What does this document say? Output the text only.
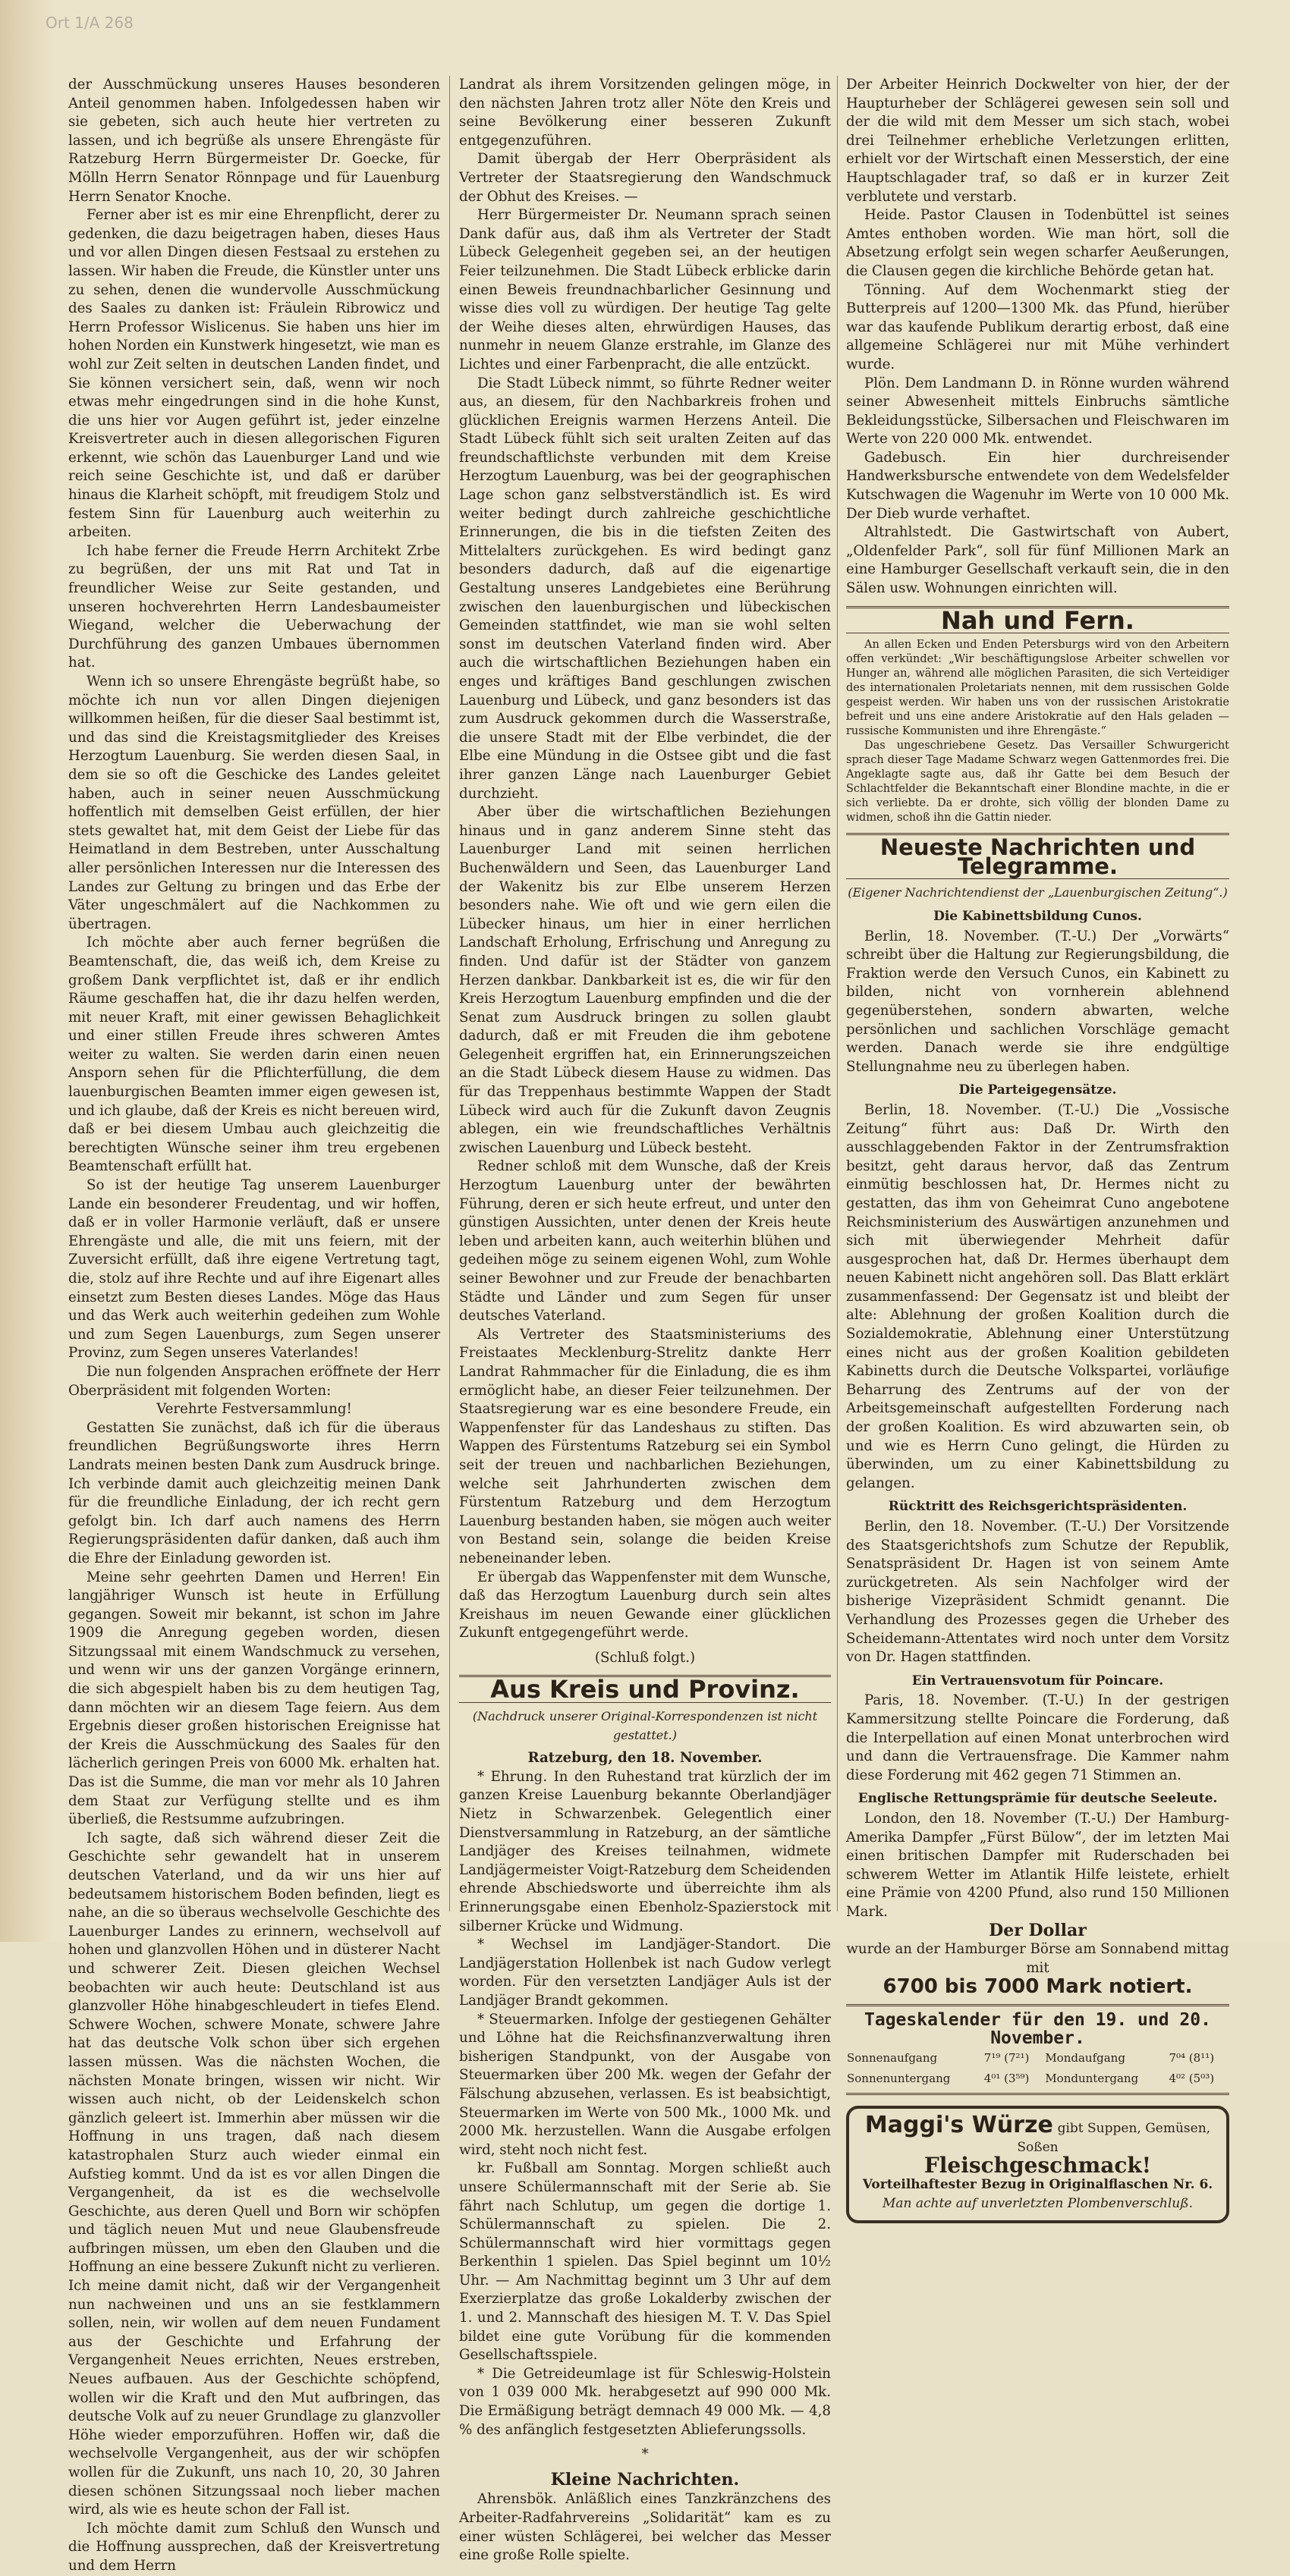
Ort 1/A 268

der Ausschmückung unseres Hauses besonderen Anteil genommen haben. Infolgedessen haben wir sie gebeten, sich auch heute hier vertreten zu lassen, und ich begrüße als unsere Ehrengäste für Ratzeburg Herrn Bürgermeister Dr. Goecke, für Mölln Herrn Senator Rönnpage und für Lauenburg Herrn Senator Knoche.

Ferner aber ist es mir eine Ehrenpflicht, derer zu gedenken, die dazu beigetragen haben, dieses Haus und vor allen Dingen diesen Festsaal zu erstehen zu lassen. Wir haben die Freude, die Künstler unter uns zu sehen, denen die wundervolle Ausschmückung des Saales zu danken ist: Fräulein Ribrowicz und Herrn Professor Wislicenus. Sie haben uns hier im hohen Norden ein Kunstwerk hingesetzt, wie man es wohl zur Zeit selten in deutschen Landen findet, und Sie können versichert sein, daß, wenn wir noch etwas mehr eingedrungen sind in die hohe Kunst, die uns hier vor Augen geführt ist, jeder einzelne Kreisvertreter auch in diesen allegorischen Figuren erkennt, wie schön das Lauenburger Land und wie reich seine Geschichte ist, und daß er darüber hinaus die Klarheit schöpft, mit freudigem Stolz und festem Sinn für Lauenburg auch weiterhin zu arbeiten.

Ich habe ferner die Freude Herrn Architekt Zrbe zu begrüßen, der uns mit Rat und Tat in freundlicher Weise zur Seite gestanden, und unseren hochverehrten Herrn Landesbaumeister Wiegand, welcher die Ueberwachung der Durchführung des ganzen Umbaues übernommen hat.

Wenn ich so unsere Ehrengäste begrüßt habe, so möchte ich nun vor allen Dingen diejenigen willkommen heißen, für die dieser Saal bestimmt ist, und das sind die Kreistagsmitglieder des Kreises Herzogtum Lauenburg. Sie werden diesen Saal, in dem sie so oft die Geschicke des Landes geleitet haben, auch in seiner neuen Ausschmückung hoffentlich mit demselben Geist erfüllen, der hier stets gewaltet hat, mit dem Geist der Liebe für das Heimatland in dem Bestreben, unter Ausschaltung aller persönlichen Interessen nur die Interessen des Landes zur Geltung zu bringen und das Erbe der Väter ungeschmälert auf die Nachkommen zu übertragen.

Ich möchte aber auch ferner begrüßen die Beamtenschaft, die, das weiß ich, dem Kreise zu großem Dank verpflichtet ist, daß er ihr endlich Räume geschaffen hat, die ihr dazu helfen werden, mit neuer Kraft, mit einer gewissen Behaglichkeit und einer stillen Freude ihres schweren Amtes weiter zu walten. Sie werden darin einen neuen Ansporn sehen für die Pflichterfüllung, die dem lauenburgischen Beamten immer eigen gewesen ist, und ich glaube, daß der Kreis es nicht bereuen wird, daß er bei diesem Umbau auch gleichzeitig die berechtigten Wünsche seiner ihm treu ergebenen Beamtenschaft erfüllt hat.

So ist der heutige Tag unserem Lauenburger Lande ein besonderer Freudentag, und wir hoffen, daß er in voller Harmonie verläuft, daß er unsere Ehrengäste und alle, die mit uns feiern, mit der Zuversicht erfüllt, daß ihre eigene Vertretung tagt, die, stolz auf ihre Rechte und auf ihre Eigenart alles einsetzt zum Besten dieses Landes. Möge das Haus und das Werk auch weiterhin gedeihen zum Wohle und zum Segen Lauenburgs, zum Segen unserer Provinz, zum Segen unseres Vaterlandes!

Die nun folgenden Ansprachen eröffnete der Herr Oberpräsident mit folgenden Worten:

Verehrte Festversammlung!

Gestatten Sie zunächst, daß ich für die überaus freundlichen Begrüßungsworte ihres Herrn Landrats meinen besten Dank zum Ausdruck bringe. Ich verbinde damit auch gleichzeitig meinen Dank für die freundliche Einladung, der ich recht gern gefolgt bin. Ich darf auch namens des Herrn Regierungspräsidenten dafür danken, daß auch ihm die Ehre der Einladung geworden ist.

Meine sehr geehrten Damen und Herren! Ein langjähriger Wunsch ist heute in Erfüllung gegangen. Soweit mir bekannt, ist schon im Jahre 1909 die Anregung gegeben worden, diesen Sitzungssaal mit einem Wandschmuck zu versehen, und wenn wir uns der ganzen Vorgänge erinnern, die sich abgespielt haben bis zu dem heutigen Tag, dann möchten wir an diesem Tage feiern. Aus dem Ergebnis dieser großen historischen Ereignisse hat der Kreis die Ausschmückung des Saales für den lächerlich geringen Preis von 6000 Mk. erhalten hat. Das ist die Summe, die man vor mehr als 10 Jahren dem Staat zur Verfügung stellte und es ihm überließ, die Restsumme aufzubringen.

Ich sagte, daß sich während dieser Zeit die Geschichte sehr gewandelt hat in unserem deutschen Vaterland, und da wir uns hier auf bedeutsamem historischem Boden befinden, liegt es nahe, an die so überaus wechselvolle Geschichte des Lauenburger Landes zu erinnern, wechselvoll auf hohen und glanzvollen Höhen und in düsterer Nacht und schwerer Zeit. Diesen gleichen Wechsel beobachten wir auch heute: Deutschland ist aus glanzvoller Höhe hinabgeschleudert in tiefes Elend. Schwere Wochen, schwere Monate, schwere Jahre hat das deutsche Volk schon über sich ergehen lassen müssen. Was die nächsten Wochen, die nächsten Monate bringen, wissen wir nicht. Wir wissen auch nicht, ob der Leidenskelch schon gänzlich geleert ist. Immerhin aber müssen wir die Hoffnung in uns tragen, daß nach diesem katastrophalen Sturz auch wieder einmal ein Aufstieg kommt. Und da ist es vor allen Dingen die Vergangenheit, da ist es die wechselvolle Geschichte, aus deren Quell und Born wir schöpfen und täglich neuen Mut und neue Glaubensfreude aufbringen müssen, um eben den Glauben und die Hoffnung an eine bessere Zukunft nicht zu verlieren. Ich meine damit nicht, daß wir der Vergangenheit nun nachweinen und uns an sie festklammern sollen, nein, wir wollen auf dem neuen Fundament aus der Geschichte und Erfahrung der Vergangenheit Neues errichten, Neues erstreben, Neues aufbauen. Aus der Geschichte schöpfend, wollen wir die Kraft und den Mut aufbringen, das deutsche Volk auf zu neuer Grundlage zu glanzvoller Höhe wieder emporzuführen. Hoffen wir, daß die wechselvolle Vergangenheit, aus der wir schöpfen wollen für die Zukunft, uns nach 10, 20, 30 Jahren diesen schönen Sitzungssaal noch lieber machen wird, als wie es heute schon der Fall ist.

Ich möchte damit zum Schluß den Wunsch und die Hoffnung aussprechen, daß der Kreisvertretung und dem Herrn

Landrat als ihrem Vorsitzenden gelingen möge, in den nächsten Jahren trotz aller Nöte den Kreis und seine Bevölkerung einer besseren Zukunft entgegenzuführen.

Damit übergab der Herr Oberpräsident als Vertreter der Staatsregierung den Wandschmuck der Obhut des Kreises. —

Herr Bürgermeister Dr. Neumann sprach seinen Dank dafür aus, daß ihm als Vertreter der Stadt Lübeck Gelegenheit gegeben sei, an der heutigen Feier teilzunehmen. Die Stadt Lübeck erblicke darin einen Beweis freundnachbarlicher Gesinnung und wisse dies voll zu würdigen. Der heutige Tag gelte der Weihe dieses alten, ehrwürdigen Hauses, das nunmehr in neuem Glanze erstrahle, im Glanze des Lichtes und einer Farbenpracht, die alle entzückt.

Die Stadt Lübeck nimmt, so führte Redner weiter aus, an diesem, für den Nachbarkreis frohen und glücklichen Ereignis warmen Herzens Anteil. Die Stadt Lübeck fühlt sich seit uralten Zeiten auf das freundschaftlichste verbunden mit dem Kreise Herzogtum Lauenburg, was bei der geographischen Lage schon ganz selbstverständlich ist. Es wird weiter bedingt durch zahlreiche geschichtliche Erinnerungen, die bis in die tiefsten Zeiten des Mittelalters zurückgehen. Es wird bedingt ganz besonders dadurch, daß auf die eigenartige Gestaltung unseres Landgebietes eine Berührung zwischen den lauenburgischen und lübeckischen Gemeinden stattfindet, wie man sie wohl selten sonst im deutschen Vaterland finden wird. Aber auch die wirtschaftlichen Beziehungen haben ein enges und kräftiges Band geschlungen zwischen Lauenburg und Lübeck, und ganz besonders ist das zum Ausdruck gekommen durch die Wasserstraße, die unsere Stadt mit der Elbe verbindet, die der Elbe eine Mündung in die Ostsee gibt und die fast ihrer ganzen Länge nach Lauenburger Gebiet durchzieht.

Aber über die wirtschaftlichen Beziehungen hinaus und in ganz anderem Sinne steht das Lauenburger Land mit seinen herrlichen Buchenwäldern und Seen, das Lauenburger Land der Wakenitz bis zur Elbe unserem Herzen besonders nahe. Wie oft und wie gern eilen die Lübecker hinaus, um hier in einer herrlichen Landschaft Erholung, Erfrischung und Anregung zu finden. Und dafür ist der Städter von ganzem Herzen dankbar. Dankbarkeit ist es, die wir für den Kreis Herzogtum Lauenburg empfinden und die der Senat zum Ausdruck bringen zu sollen glaubt dadurch, daß er mit Freuden die ihm gebotene Gelegenheit ergriffen hat, ein Erinnerungszeichen an die Stadt Lübeck diesem Hause zu widmen. Das für das Treppenhaus bestimmte Wappen der Stadt Lübeck wird auch für die Zukunft davon Zeugnis ablegen, ein wie freundschaftliches Verhältnis zwischen Lauenburg und Lübeck besteht.

Redner schloß mit dem Wunsche, daß der Kreis Herzogtum Lauenburg unter der bewährten Führung, deren er sich heute erfreut, und unter den günstigen Aussichten, unter denen der Kreis heute leben und arbeiten kann, auch weiterhin blühen und gedeihen möge zu seinem eigenen Wohl, zum Wohle seiner Bewohner und zur Freude der benachbarten Städte und Länder und zum Segen für unser deutsches Vaterland.

Als Vertreter des Staatsministeriums des Freistaates Mecklenburg-Strelitz dankte Herr Landrat Rahmmacher für die Einladung, die es ihm ermöglicht habe, an dieser Feier teilzunehmen. Der Staatsregierung war es eine besondere Freude, ein Wappenfenster für das Landeshaus zu stiften. Das Wappen des Fürstentums Ratzeburg sei ein Symbol seit der treuen und nachbarlichen Beziehungen, welche seit Jahrhunderten zwischen dem Fürstentum Ratzeburg und dem Herzogtum Lauenburg bestanden haben, sie mögen auch weiter von Bestand sein, solange die beiden Kreise nebeneinander leben.

Er übergab das Wappenfenster mit dem Wunsche, daß das Herzogtum Lauenburg durch sein altes Kreishaus im neuen Gewande einer glücklichen Zukunft entgegengeführt werde.

(Schluß folgt.)
Aus Kreis und Provinz.
(Nachdruck unserer Original-Korrespondenzen ist nicht gestattet.)
Ratzeburg, den 18. November.

* Ehrung. In den Ruhestand trat kürzlich der im ganzen Kreise Lauenburg bekannte Oberlandjäger Nietz in Schwarzenbek. Gelegentlich einer Dienstversammlung in Ratzeburg, an der sämtliche Landjäger des Kreises teilnahmen, widmete Landjägermeister Voigt-Ratzeburg dem Scheidenden ehrende Abschiedsworte und überreichte ihm als Erinnerungsgabe einen Ebenholz-Spazierstock mit silberner Krücke und Widmung.

* Wechsel im Landjäger-Standort. Die Landjägerstation Hollenbek ist nach Gudow verlegt worden. Für den versetzten Landjäger Auls ist der Landjäger Brandt gekommen.

* Steuermarken. Infolge der gestiegenen Gehälter und Löhne hat die Reichsfinanzverwaltung ihren bisherigen Standpunkt, von der Ausgabe von Steuermarken über 200 Mk. wegen der Gefahr der Fälschung abzusehen, verlassen. Es ist beabsichtigt, Steuermarken im Werte von 500 Mk., 1000 Mk. und 2000 Mk. herzustellen. Wann die Ausgabe erfolgen wird, steht noch nicht fest.

kr. Fußball am Sonntag. Morgen schließt auch unsere Schülermannschaft mit der Serie ab. Sie fährt nach Schlutup, um gegen die dortige 1. Schülermannschaft zu spielen. Die 2. Schülermannschaft wird hier vormittags gegen Berkenthin 1 spielen. Das Spiel beginnt um 10½ Uhr. — Am Nachmittag beginnt um 3 Uhr auf dem Exerzierplatze das große Lokalderby zwischen der 1. und 2. Mannschaft des hiesigen M. T. V. Das Spiel bildet eine gute Vorübung für die kommenden Gesellschaftsspiele.

* Die Getreideumlage ist für Schleswig-Holstein von 1 039 000 Mk. herabgesetzt auf 990 000 Mk. Die Ermäßigung beträgt demnach 49 000 Mk. — 4,8 % des anfänglich festgesetzten Ablieferungssolls.

*
Kleine Nachrichten.

Ahrensbök. Anläßlich eines Tanzkränzchens des Arbeiter-Radfahrvereins „Solidarität“ kam es zu einer wüsten Schlägerei, bei welcher das Messer eine große Rolle spielte.

Der Arbeiter Heinrich Dockwelter von hier, der der Haupturheber der Schlägerei gewesen sein soll und der die wild mit dem Messer um sich stach, wobei drei Teilnehmer erhebliche Verletzungen erlitten, erhielt vor der Wirtschaft einen Messerstich, der eine Hauptschlagader traf, so daß er in kurzer Zeit verblutete und verstarb.

Heide. Pastor Clausen in Todenbüttel ist seines Amtes enthoben worden. Wie man hört, soll die Absetzung erfolgt sein wegen scharfer Aeußerungen, die Clausen gegen die kirchliche Behörde getan hat.

Tönning. Auf dem Wochenmarkt stieg der Butterpreis auf 1200—1300 Mk. das Pfund, hierüber war das kaufende Publikum derartig erbost, daß eine allgemeine Schlägerei nur mit Mühe verhindert wurde.

Plön. Dem Landmann D. in Rönne wurden während seiner Abwesenheit mittels Einbruchs sämtliche Bekleidungsstücke, Silbersachen und Fleischwaren im Werte von 220 000 Mk. entwendet.

Gadebusch. Ein hier durchreisender Handwerksbursche entwendete von dem Wedelsfelder Kutschwagen die Wagenuhr im Werte von 10 000 Mk. Der Dieb wurde verhaftet.

Altrahlstedt. Die Gastwirtschaft von Aubert, „Oldenfelder Park“, soll für fünf Millionen Mark an eine Hamburger Gesellschaft verkauft sein, die in den Sälen usw. Wohnungen einrichten will.

Nah und Fern.

An allen Ecken und Enden Petersburgs wird von den Arbeitern offen verkündet: „Wir beschäftigungslose Arbeiter schwellen vor Hunger an, während alle möglichen Parasiten, die sich Verteidiger des internationalen Proletariats nennen, mit dem russischen Golde gespeist werden. Wir haben uns von der russischen Aristokratie befreit und uns eine andere Aristokratie auf den Hals geladen — russische Kommunisten und ihre Ehrengäste.“

Das ungeschriebene Gesetz. Das Versailler Schwurgericht sprach dieser Tage Madame Schwarz wegen Gattenmordes frei. Die Angeklagte sagte aus, daß ihr Gatte bei dem Besuch der Schlachtfelder die Bekanntschaft einer Blondine machte, in die er sich verliebte. Da er drohte, sich völlig der blonden Dame zu widmen, schoß ihn die Gattin nieder.

Neueste Nachrichten und Telegramme.
(Eigener Nachrichtendienst der „Lauenburgischen Zeitung“.)
Die Kabinettsbildung Cunos.

Berlin, 18. November. (T.-U.) Der „Vorwärts“ schreibt über die Haltung zur Regierungsbildung, die Fraktion werde den Versuch Cunos, ein Kabinett zu bilden, nicht von vornherein ablehnend gegenüberstehen, sondern abwarten, welche persönlichen und sachlichen Vorschläge gemacht werden. Danach werde sie ihre endgültige Stellungnahme neu zu überlegen haben.

Die Parteigegensätze.

Berlin, 18. November. (T.-U.) Die „Vossische Zeitung“ führt aus: Daß Dr. Wirth den ausschlaggebenden Faktor in der Zentrumsfraktion besitzt, geht daraus hervor, daß das Zentrum einmütig beschlossen hat, Dr. Hermes nicht zu gestatten, das ihm von Geheimrat Cuno angebotene Reichsministerium des Auswärtigen anzunehmen und sich mit überwiegender Mehrheit dafür ausgesprochen hat, daß Dr. Hermes überhaupt dem neuen Kabinett nicht angehören soll. Das Blatt erklärt zusammenfassend: Der Gegensatz ist und bleibt der alte: Ablehnung der großen Koalition durch die Sozialdemokratie, Ablehnung einer Unterstützung eines nicht aus der großen Koalition gebildeten Kabinetts durch die Deutsche Volkspartei, vorläufige Beharrung des Zentrums auf der von der Arbeitsgemeinschaft aufgestellten Forderung nach der großen Koalition. Es wird abzuwarten sein, ob und wie es Herrn Cuno gelingt, die Hürden zu überwinden, um zu einer Kabinettsbildung zu gelangen.

Rücktritt des Reichsgerichtspräsidenten.

Berlin, den 18. November. (T.-U.) Der Vorsitzende des Staatsgerichtshofs zum Schutze der Republik, Senatspräsident Dr. Hagen ist von seinem Amte zurückgetreten. Als sein Nachfolger wird der bisherige Vizepräsident Schmidt genannt. Die Verhandlung des Prozesses gegen die Urheber des Scheidemann-Attentates wird noch unter dem Vorsitz von Dr. Hagen stattfinden.

Ein Vertrauensvotum für Poincare.

Paris, 18. November. (T.-U.) In der gestrigen Kammersitzung stellte Poincare die Forderung, daß die Interpellation auf einen Monat unterbrochen wird und dann die Vertrauensfrage. Die Kammer nahm diese Forderung mit 462 gegen 71 Stimmen an.

Englische Rettungsprämie für deutsche Seeleute.

London, den 18. November (T.-U.) Der Hamburg-Amerika Dampfer „Fürst Bülow“, der im letzten Mai einen britischen Dampfer mit Ruderschaden bei schwerem Wetter im Atlantik Hilfe leistete, erhielt eine Prämie von 4200 Pfund, also rund 150 Millionen Mark.

Der Dollar
wurde an der Hamburger Börse am Sonnabend mittag mit
6700 bis 7000 Mark notiert.
Tageskalender für den 19. und 20. November.
Sonnenaufgang	7¹⁹ (7²¹)	Mondaufgang	7⁰⁴ (8¹¹)
Sonnenuntergang	4⁰¹ (3⁵⁹)	Monduntergang	4⁰² (5⁰³)
Maggi's Würze gibt Suppen, Gemüsen, Soßen
Fleischgeschmack!
Vorteilhaftester Bezug in Originalflaschen Nr. 6.
Man achte auf unverletzten Plombenverschluß.
